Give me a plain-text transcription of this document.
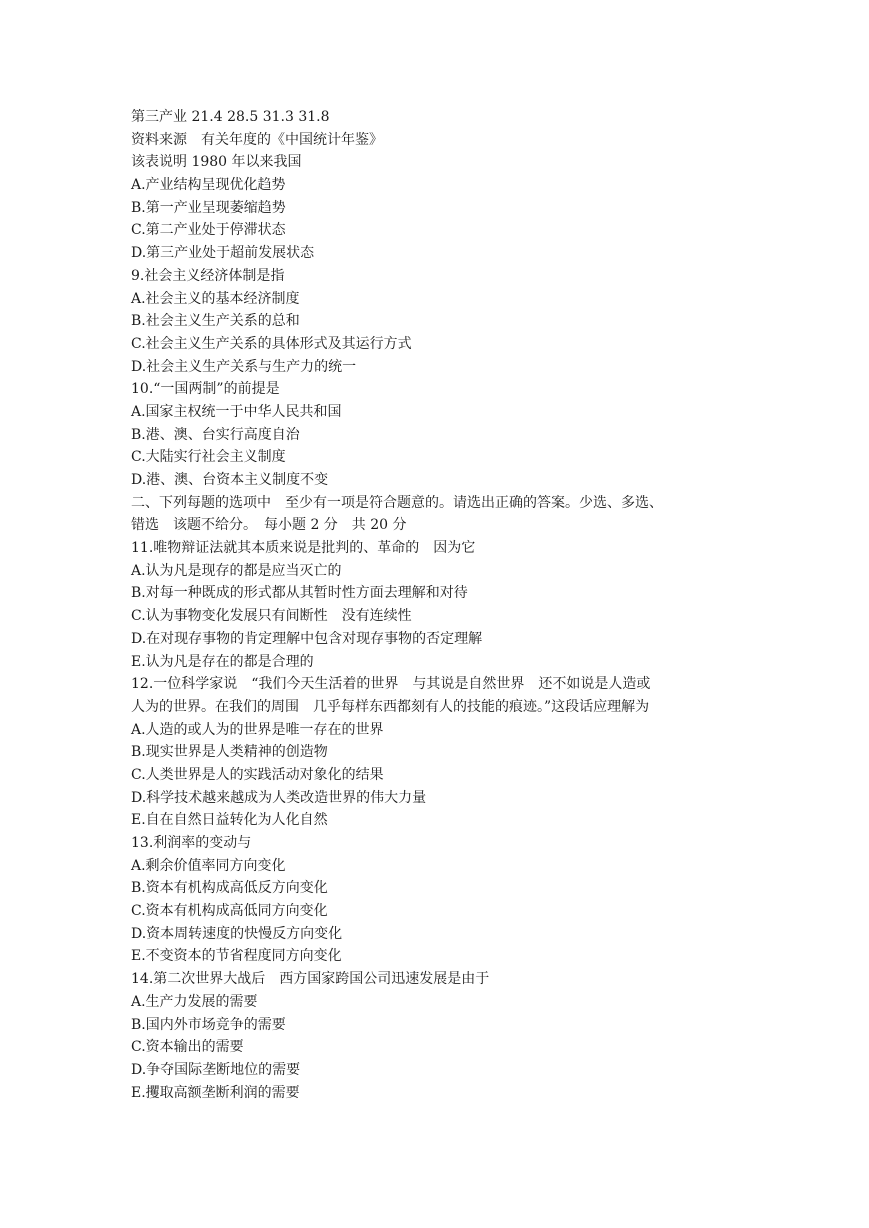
第三产业 21.4 28.5 31.3 31.8
资料来源　有关年度的《中国统计年鉴》
该表说明 1980 年以来我国
A.产业结构呈现优化趋势
B.第一产业呈现萎缩趋势
C.第二产业处于停滞状态
D.第三产业处于超前发展状态
9.社会主义经济体制是指
A.社会主义的基本经济制度
B.社会主义生产关系的总和
C.社会主义生产关系的具体形式及其运行方式
D.社会主义生产关系与生产力的统一
10.“一国两制”的前提是
A.国家主权统一于中华人民共和国
B.港、澳、台实行高度自治
C.大陆实行社会主义制度
D.港、澳、台资本主义制度不变
二、下列每题的选项中　至少有一项是符合题意的。请选出正确的答案。少选、多选、
错选　该题不给分。　每小题 2 分　共 20 分
11.唯物辩证法就其本质来说是批判的、革命的　因为它
A.认为凡是现存的都是应当灭亡的
B.对每一种既成的形式都从其暂时性方面去理解和对待
C.认为事物变化发展只有间断性　没有连续性
D.在对现存事物的肯定理解中包含对现存事物的否定理解
E.认为凡是存在的都是合理的
12.一位科学家说　“我们今天生活着的世界　与其说是自然世界　还不如说是人造或
人为的世界。在我们的周围　几乎每样东西都刻有人的技能的痕迹。”这段话应理解为
A.人造的或人为的世界是唯一存在的世界
B.现实世界是人类精神的创造物
C.人类世界是人的实践活动对象化的结果
D.科学技术越来越成为人类改造世界的伟大力量
E.自在自然日益转化为人化自然
13.利润率的变动与
A.剩余价值率同方向变化
B.资本有机构成高低反方向变化
C.资本有机构成高低同方向变化
D.资本周转速度的快慢反方向变化
E.不变资本的节省程度同方向变化
14.第二次世界大战后　西方国家跨国公司迅速发展是由于
A.生产力发展的需要
B.国内外市场竞争的需要
C.资本输出的需要
D.争夺国际垄断地位的需要
E.攫取高额垄断利润的需要
